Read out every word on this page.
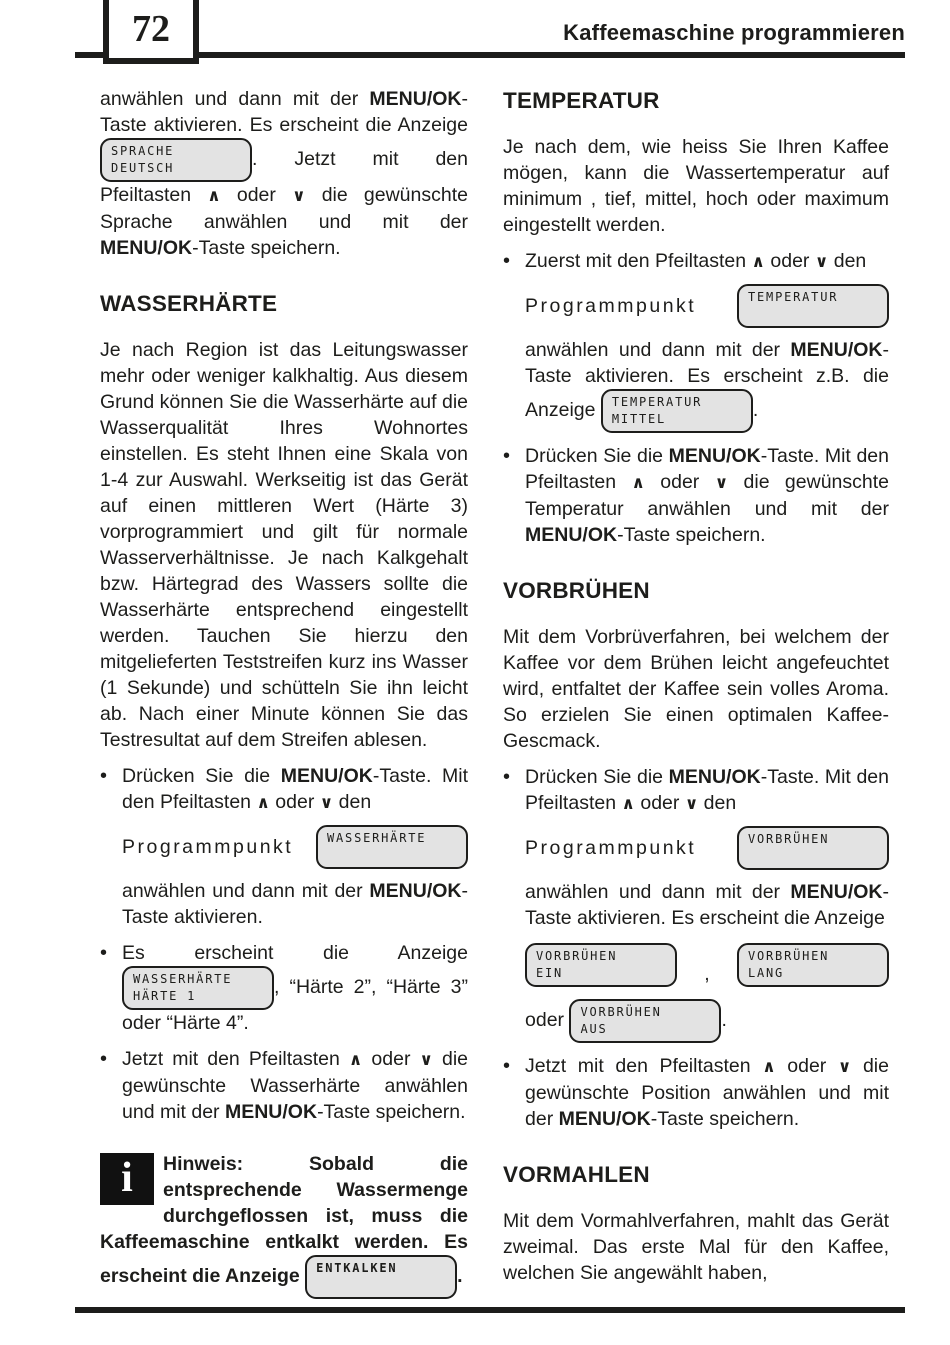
72	Kaffeemaschine programmieren
anwählen und dann mit der MENU/OK-Taste aktivieren. Es erscheint die Anzeige
SPRACHE
DEUTSCH	. Jetzt mit den Pfeiltasten ∧ oder ∨ die gewünschte Sprache anwählen und mit der MENU/OK-Taste speichern.
WASSERHÄRTE
Je nach Region ist das Leitungswasser mehr oder weniger kalkhaltig. Aus diesem Grund können Sie die Wasserhärte auf die Wasserqualität Ihres Wohnortes einstellen. Es steht Ihnen eine Skala von 1-4 zur Auswahl. Werkseitig ist das Gerät auf einen mittleren Wert (Härte 3) vorprogrammiert und gilt für normale Wasserverhältnisse. Je nach Kalkgehalt bzw. Härtegrad des Wassers sollte die Wasserhärte entsprechend eingestellt werden. Tauchen Sie hierzu den mitgelieferten Teststreifen kurz ins Wasser (1 Sekunde) und schütteln Sie ihn leicht ab. Nach einer Minute können Sie das Testresultat auf dem Streifen ablesen.
• Drücken Sie die MENU/OK-Taste. Mit den Pfeiltasten ∧ oder ∨ den
Programmpunkt	WASSERHÄRTE
anwählen und dann mit der MENU/OK-Taste aktivieren.
• Es erscheint die Anzeige
WASSERHÄRTE
HÄRTE 1	, “Härte 2”, “Härte 3” oder “Härte 4”.
• Jetzt mit den Pfeiltasten ∧ oder ∨ die gewünschte Wasserhärte anwählen und mit der MENU/OK-Taste speichern.
i	Hinweis: Sobald die entsprechende Wassermenge durchgeflossen ist, muss die Kaffeemaschine entkalkt werden. Es erscheint die Anzeige ENTKALKEN	.
TEMPERATUR
Je nach dem, wie heiss Sie Ihren Kaffee mögen, kann die Wassertemperatur auf minimum , tief, mittel, hoch oder maximum eingestellt werden.
• Zuerst mit den Pfeiltasten ∧ oder ∨ den
Programmpunkt	TEMPERATUR
anwählen und dann mit der MENU/OK-Taste aktivieren. Es erscheint z.B. die Anzeige TEMPERATUR
MITTEL	.
• Drücken Sie die MENU/OK-Taste. Mit den Pfeiltasten ∧ oder ∨ die gewünschte Temperatur anwählen und mit der MENU/OK-Taste speichern.
VORBRÜHEN
Mit dem Vorbrüverfahren, bei welchem der Kaffee vor dem Brühen leicht angefeuchtet wird, entfaltet der Kaffee sein volles Aroma. So erzielen Sie einen optimalen Kaffee-Gescmack.
• Drücken Sie die MENU/OK-Taste. Mit den Pfeiltasten ∧ oder ∨ den
Programmpunkt	VORBRÜHEN
anwählen und dann mit der MENU/OK-Taste aktivieren. Es erscheint die Anzeige
VORBRÜHEN
EIN	,
VORBRÜHEN
LANG
oder VORBRÜHEN
AUS	.
• Jetzt mit den Pfeiltasten ∧ oder ∨ die gewünschte Position anwählen und mit der MENU/OK-Taste speichern.
VORMAHLEN
Mit dem Vormahlverfahren, mahlt das Gerät zweimal. Das erste Mal für den Kaffee, welchen Sie angewählt haben,
